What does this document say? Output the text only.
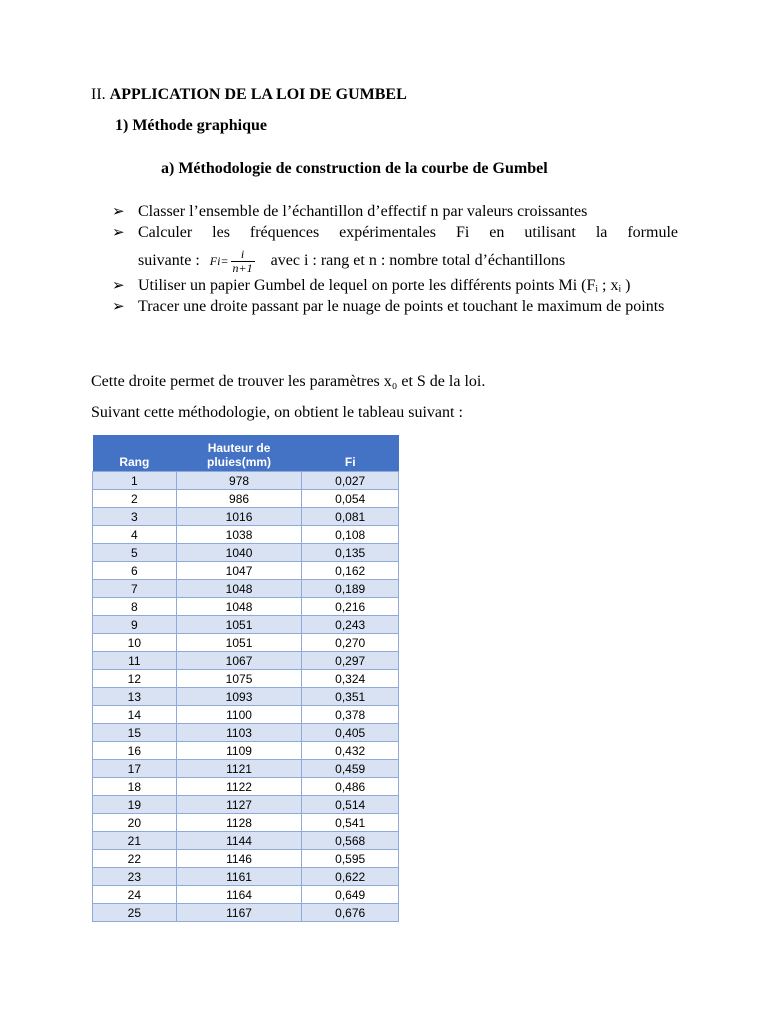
II. APPLICATION DE LA LOI DE GUMBEL
1) Méthode graphique
a) Méthodologie de construction de la courbe de Gumbel
➢ Classer l’ensemble de l’échantillon d’effectif n par valeurs croissantes
➢ Calculer les fréquences expérimentales Fi en utilisant la formule
suivante : $Fi= \frac{i}{n+1}$ avec i : rang et n : nombre total d’échantillons
➢ Utiliser un papier Gumbel de lequel on porte les différents points Mi (Fᵢ ; xᵢ )
➢ Tracer une droite passant par le nuage de points et touchant le maximum de points
Cette droite permet de trouver les paramètres x₀ et S de la loi.
Suivant cette méthodologie, on obtient le tableau suivant :
Rang	Hauteur de pluies(mm)	Fi
1	978	0,027
2	986	0,054
3	1016	0,081
4	1038	0,108
5	1040	0,135
6	1047	0,162
7	1048	0,189
8	1048	0,216
9	1051	0,243
10	1051	0,270
11	1067	0,297
12	1075	0,324
13	1093	0,351
14	1100	0,378
15	1103	0,405
16	1109	0,432
17	1121	0,459
18	1122	0,486
19	1127	0,514
20	1128	0,541
21	1144	0,568
22	1146	0,595
23	1161	0,622
24	1164	0,649
25	1167	0,676
